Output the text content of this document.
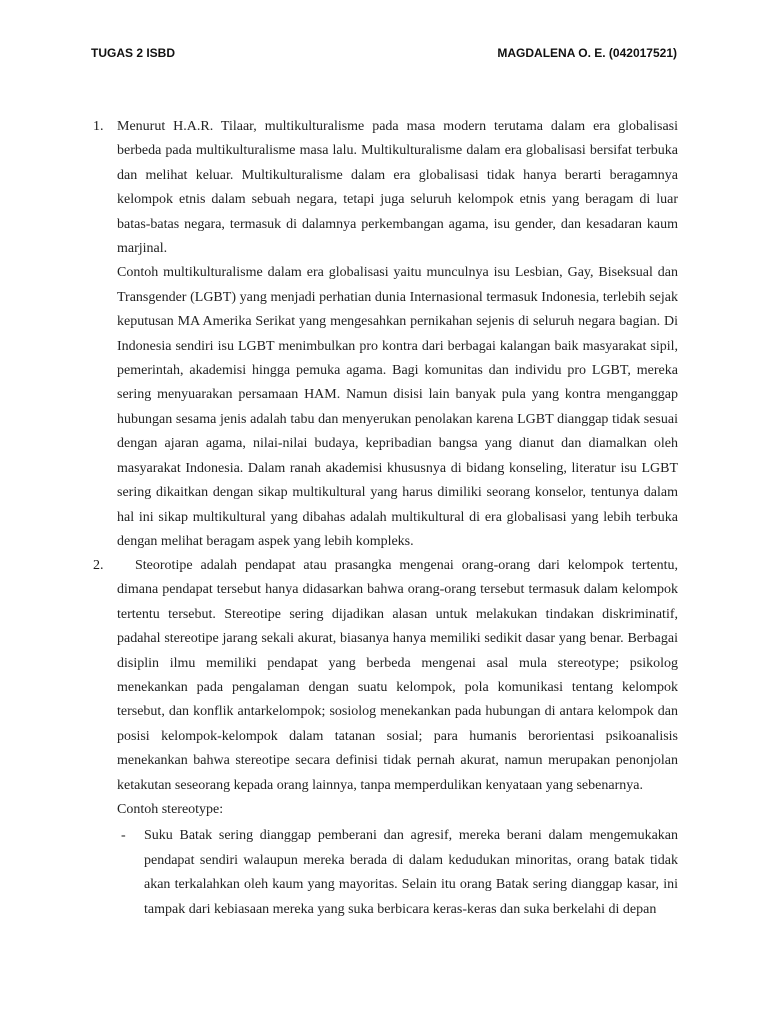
TUGAS 2 ISBD	MAGDALENA O. E. (042017521)
1. Menurut H.A.R. Tilaar, multikulturalisme pada masa modern terutama dalam era globalisasi berbeda pada multikulturalisme masa lalu. Multikulturalisme dalam era globalisasi bersifat terbuka dan melihat keluar. Multikulturalisme dalam era globalisasi tidak hanya berarti beragamnya kelompok etnis dalam sebuah negara, tetapi juga seluruh kelompok etnis yang beragam di luar batas-batas negara, termasuk di dalamnya perkembangan agama, isu gender, dan kesadaran kaum marjinal.

Contoh multikulturalisme dalam era globalisasi yaitu munculnya isu Lesbian, Gay, Biseksual dan Transgender (LGBT) yang menjadi perhatian dunia Internasional termasuk Indonesia, terlebih sejak keputusan MA Amerika Serikat yang mengesahkan pernikahan sejenis di seluruh negara bagian. Di Indonesia sendiri isu LGBT menimbulkan pro kontra dari berbagai kalangan baik masyarakat sipil, pemerintah, akademisi hingga pemuka agama. Bagi komunitas dan individu pro LGBT, mereka sering menyuarakan persamaan HAM. Namun disisi lain banyak pula yang kontra menganggap hubungan sesama jenis adalah tabu dan menyerukan penolakan karena LGBT dianggap tidak sesuai dengan ajaran agama, nilai-nilai budaya, kepribadian bangsa yang dianut dan diamalkan oleh masyarakat Indonesia. Dalam ranah akademisi khususnya di bidang konseling, literatur isu LGBT sering dikaitkan dengan sikap multikultural yang harus dimiliki seorang konselor, tentunya dalam hal ini sikap multikultural yang dibahas adalah multikultural di era globalisasi yang lebih terbuka dengan melihat beragam aspek yang lebih kompleks.

2.	Steorotipe adalah pendapat atau prasangka mengenai orang-orang dari kelompok tertentu, dimana pendapat tersebut hanya didasarkan bahwa orang-orang tersebut termasuk dalam kelompok tertentu tersebut. Stereotipe sering dijadikan alasan untuk melakukan tindakan diskriminatif, padahal stereotipe jarang sekali akurat, biasanya hanya memiliki sedikit dasar yang benar. Berbagai disiplin ilmu memiliki pendapat yang berbeda mengenai asal mula stereotype; psikolog menekankan pada pengalaman dengan suatu kelompok, pola komunikasi tentang kelompok tersebut, dan konflik antarkelompok; sosiolog menekankan pada hubungan di antara kelompok dan posisi kelompok-kelompok dalam tatanan sosial; para humanis berorientasi psikoanalisis menekankan bahwa stereotipe secara definisi tidak pernah akurat, namun merupakan penonjolan ketakutan seseorang kepada orang lainnya, tanpa memperdulikan kenyataan yang sebenarnya.

Contoh stereotype:

- Suku Batak sering dianggap pemberani dan agresif, mereka berani dalam mengemukakan pendapat sendiri walaupun mereka berada di dalam kedudukan minoritas, orang batak tidak akan terkalahkan oleh kaum yang mayoritas. Selain itu orang Batak sering dianggap kasar, ini tampak dari kebiasaan mereka yang suka berbicara keras-keras dan suka berkelahi di depan
